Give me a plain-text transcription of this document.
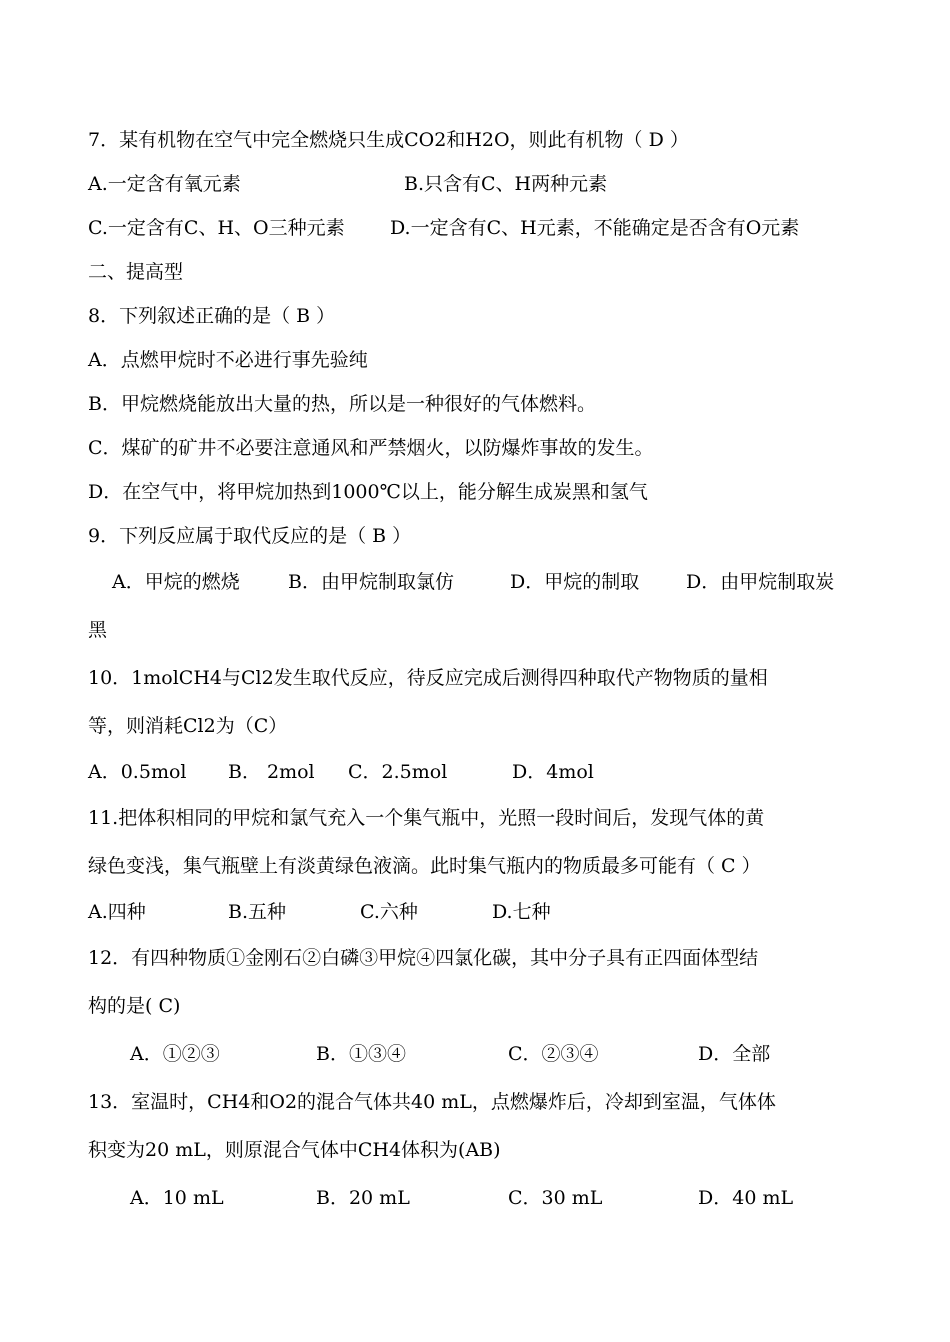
7．某有机物在空气中完全燃烧只生成CO2和H2O，则此有机物（ D ）
A.一定含有氧元素	B.只含有C、H两种元素
C.一定含有C、H、O三种元素	D.一定含有C、H元素，不能确定是否含有O元素
二、提高型
8．下列叙述正确的是（ B ）
A．点燃甲烷时不必进行事先验纯
B．甲烷燃烧能放出大量的热，所以是一种很好的气体燃料。
C．煤矿的矿井不必要注意通风和严禁烟火，以防爆炸事故的发生。
D．在空气中，将甲烷加热到1000℃以上，能分解生成炭黑和氢气
9．下列反应属于取代反应的是（ B ）
A．甲烷的燃烧	B．由甲烷制取氯仿	D．甲烷的制取	D．由甲烷制取炭
黑
10．1molCH4与Cl2发生取代反应，待反应完成后测得四种取代产物物质的量相
等，则消耗Cl2为（C）
A．0.5mol	B． 2mol	C．2.5mol	D．4mol
11.把体积相同的甲烷和氯气充入一个集气瓶中，光照一段时间后，发现气体的黄
绿色变浅，集气瓶壁上有淡黄绿色液滴。此时集气瓶内的物质最多可能有（ C ）
A.四种	B.五种	C.六种	D.七种
12．有四种物质①金刚石②白磷③甲烷④四氯化碳，其中分子具有正四面体型结
构的是( C)
A．①②③	B．①③④	C．②③④	D．全部
13．室温时，CH4和O2的混合气体共40 mL，点燃爆炸后，冷却到室温，气体体
积变为20 mL，则原混合气体中CH4体积为(AB)
A．10 mL	B．20 mL	C．30 mL	D．40 mL
